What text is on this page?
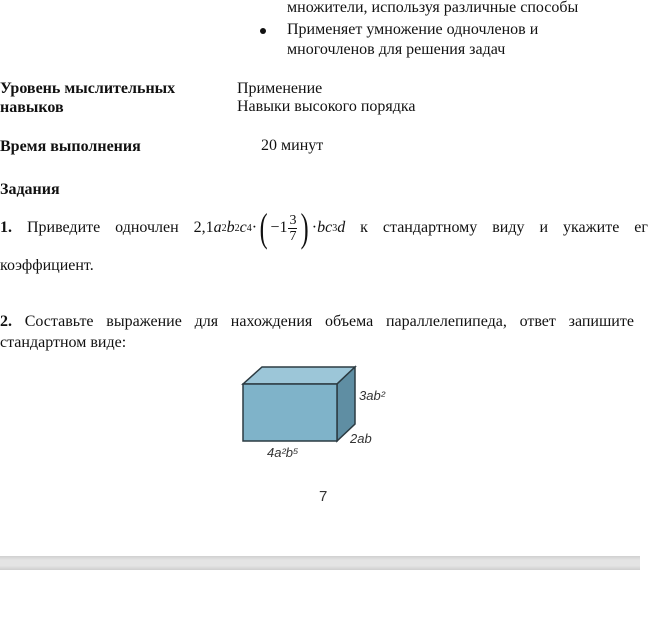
множители, используя различные способы
Применяет умножение одночленов и
многочленов для решения задач
Уровень мыслительных
навыков
Применение
Навыки высокого порядка
Время выполнения	20 минут
Задания
1. Приведите одночлен 2,1 a 2 b 2 c 4 · ( $-1 \frac{3}{7}$ ) · b c 3 d к стандартному виду и укажите ег
коэффициент.
2. Составьте выражение для нахождения объема параллелепипеда, ответ запишите
стандартном виде:
3ab²
2ab
4a²b⁵
7
